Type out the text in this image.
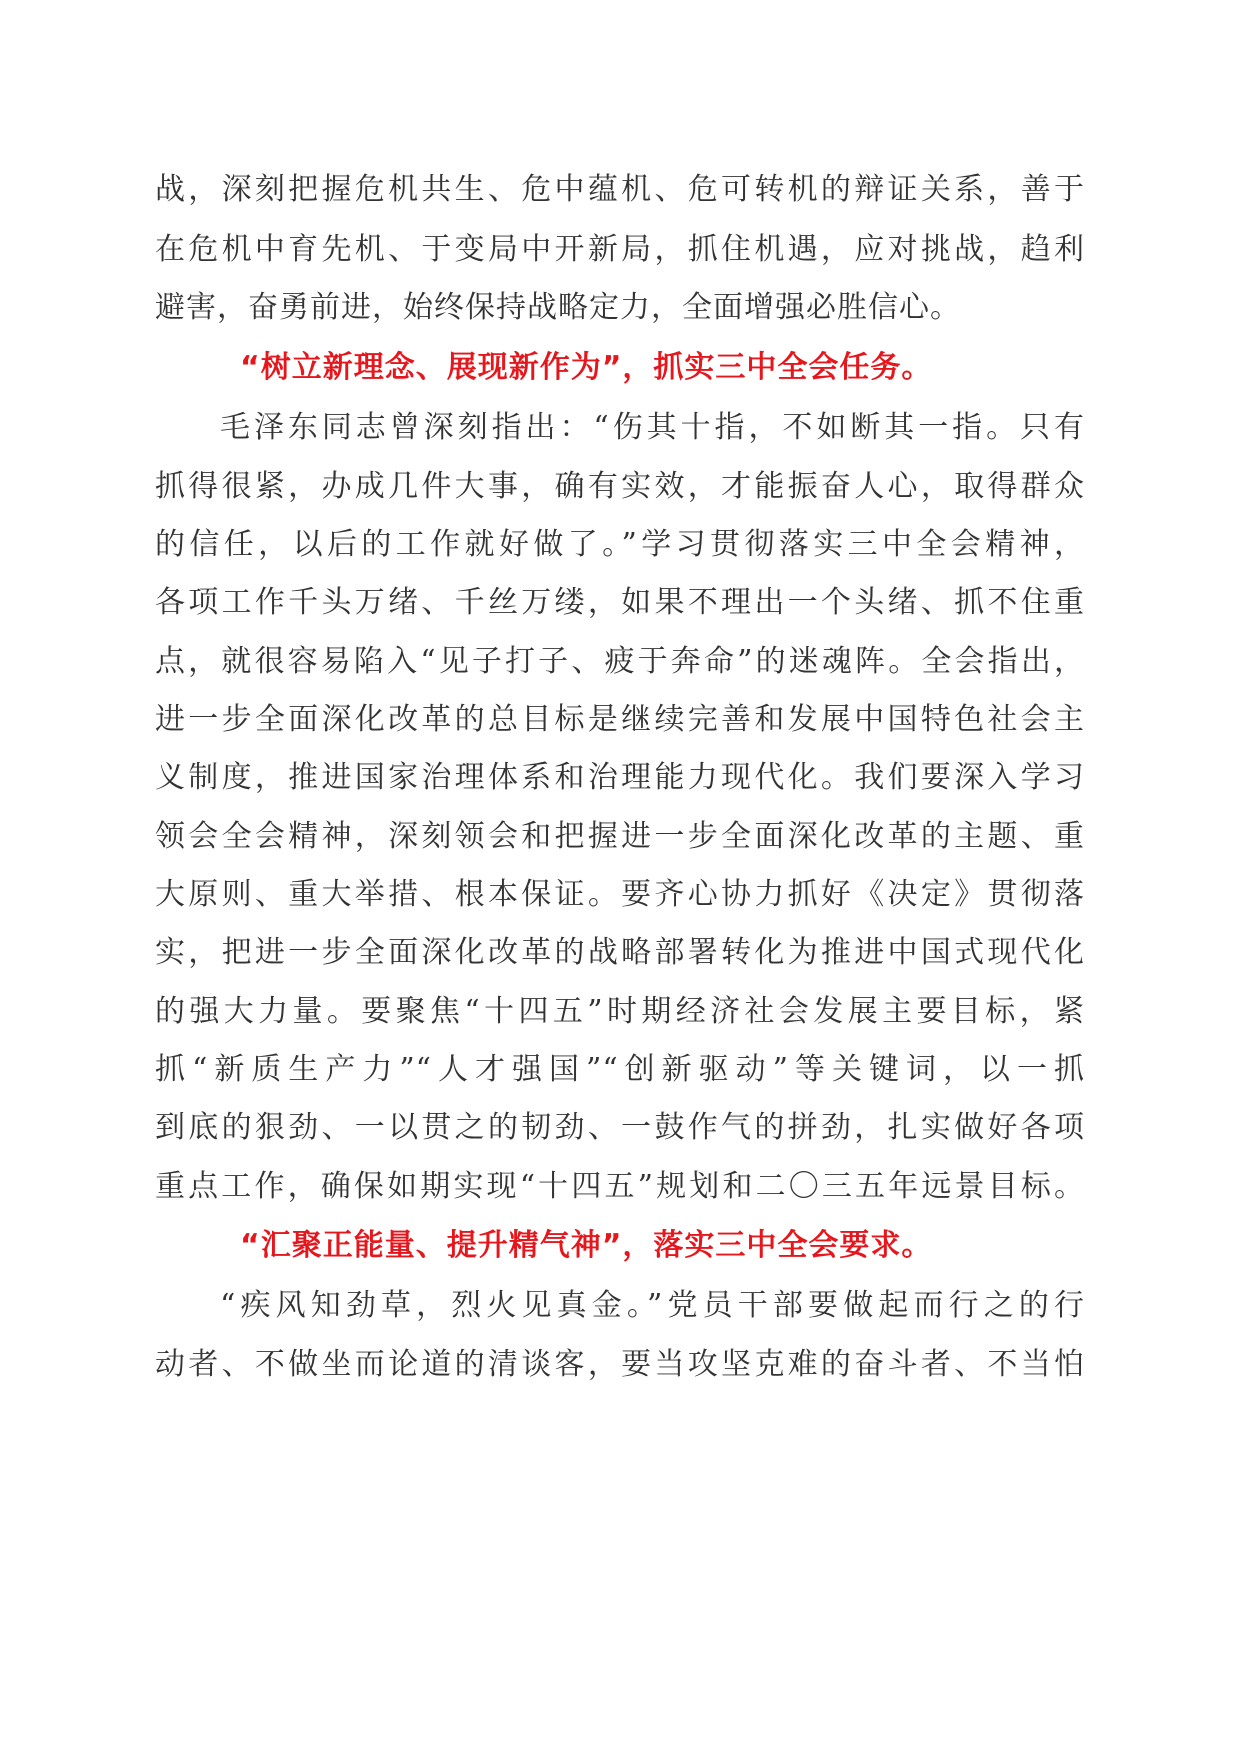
战，深刻把握危机共生、危中蕴机、危可转机的辩证关系，善于
在危机中育先机、于变局中开新局，抓住机遇，应对挑战，趋利
避害，奋勇前进，始终保持战略定力，全面增强必胜信心。
“树立新理念、展现新作为”，抓实三中全会任务。
毛泽东同志曾深刻指出：“伤其十指，不如断其一指。只有
抓得很紧，办成几件大事，确有实效，才能振奋人心，取得群众
的信任，以后的工作就好做了。”学习贯彻落实三中全会精神，
各项工作千头万绪、千丝万缕，如果不理出一个头绪、抓不住重
点，就很容易陷入“见子打子、疲于奔命”的迷魂阵。全会指出，
进一步全面深化改革的总目标是继续完善和发展中国特色社会主
义制度，推进国家治理体系和治理能力现代化。我们要深入学习
领会全会精神，深刻领会和把握进一步全面深化改革的主题、重
大原则、重大举措、根本保证。要齐心协力抓好《决定》贯彻落
实，把进一步全面深化改革的战略部署转化为推进中国式现代化
的强大力量。要聚焦“十四五”时期经济社会发展主要目标，紧
抓“新质生产力”“人才强国”“创新驱动”等关键词，以一抓
到底的狠劲、一以贯之的韧劲、一鼓作气的拼劲，扎实做好各项
重点工作，确保如期实现“十四五”规划和二〇三五年远景目标。
“汇聚正能量、提升精气神”，落实三中全会要求。
“疾风知劲草，烈火见真金。”党员干部要做起而行之的行
动者、不做坐而论道的清谈客，要当攻坚克难的奋斗者、不当怕
